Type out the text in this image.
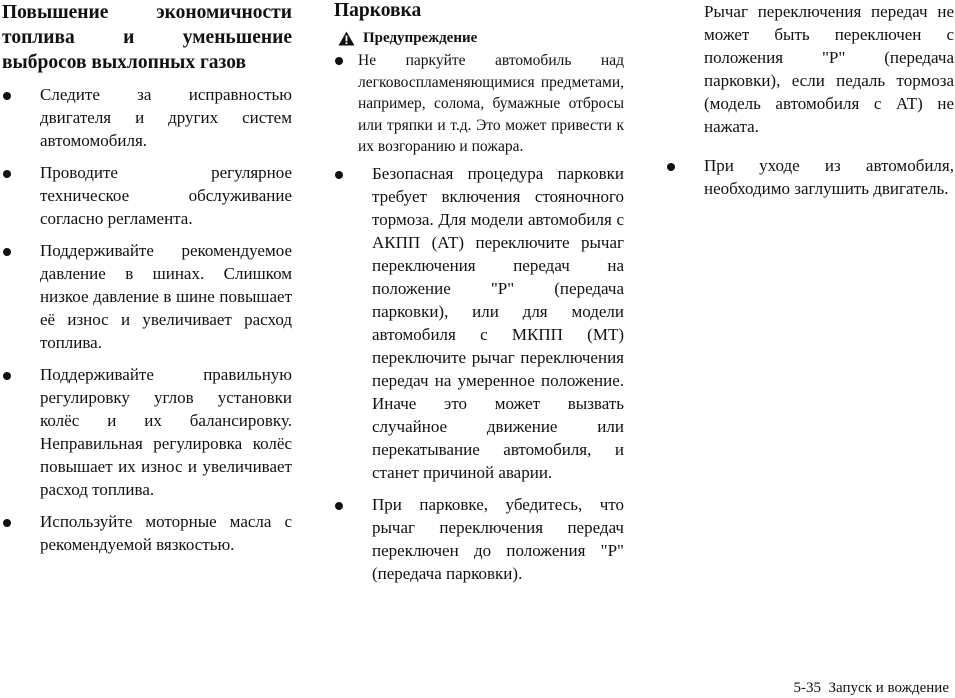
Повышение экономичности топлива и уменьшение выбросов выхлопных газов
Следите за исправностью двигателя и других систем автомомобиля.
Проводите регулярное техническое обслуживание согласно регламента.
Поддерживайте рекомендуемое давление в шинах. Слишком низкое давление в шине повышает её износ и увеличивает расход топлива.
Поддерживайте правильную регулировку углов установки колёс и их балансировку. Неправильная регулировка колёс повышает их износ и увеличивает расход топлива.
Используйте моторные масла с рекомендуемой вязкостью.
Парковка
Предупреждение
Не паркуйте автомобиль над легковоспламеняющимися предметами, например, солома, бумажные отбросы или тряпки и т.д. Это может привести к их возгоранию и пожара.
Безопасная процедура парковки требует включения стояночного тормоза. Для модели автомобиля с АКПП (АТ) переключите рычаг переключения передач на положение "Р" (передача парковки), или для модели автомобиля с МКПП (МТ) переключите рычаг переключения передач на умеренное положение. Иначе это может вызвать случайное движение или перекатывание автомобиля, и станет причиной аварии.
При парковке, убедитесь, что рычаг переключения передач переключен до положения "Р" (передача парковки).
Рычаг переключения передач не может быть переключен с положения "Р" (передача парковки), если педаль тормоза (модель автомобиля с АТ) не нажата.
При уходе из автомобиля, необходимо заглушить двигатель.
5-35 Запуск и вождение
